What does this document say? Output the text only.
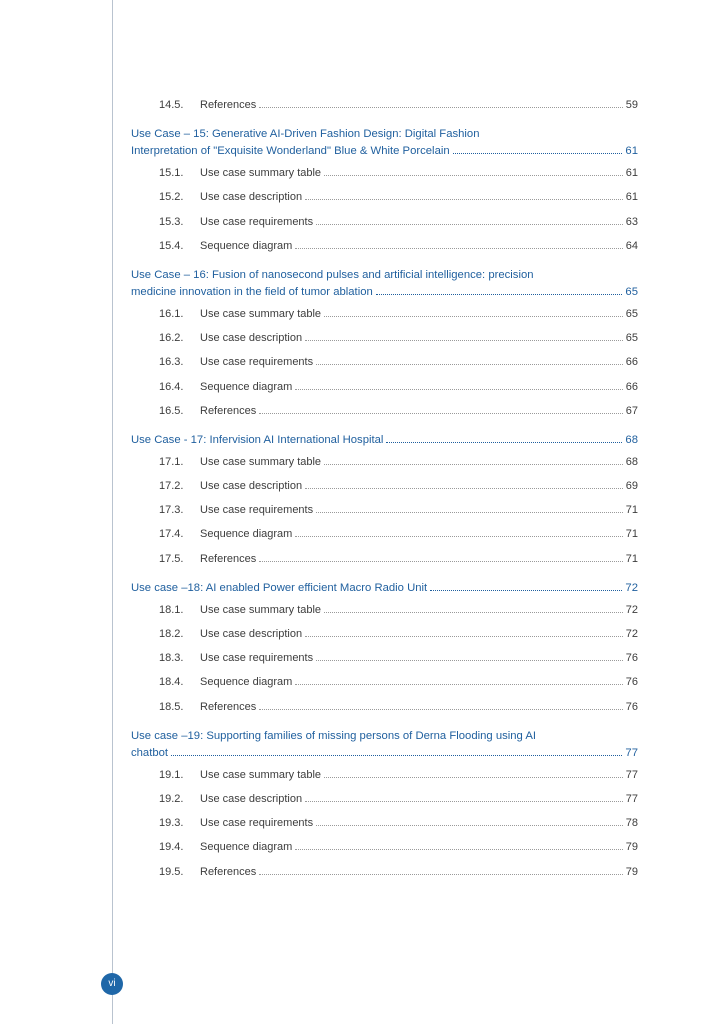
14.5.	References	59
Use Case – 15: Generative AI-Driven Fashion Design: Digital Fashion
Interpretation of "Exquisite Wonderland" Blue & White Porcelain	61
15.1.	Use case summary table	61
15.2.	Use case description	61
15.3.	Use case requirements	63
15.4.	Sequence diagram	64
Use Case – 16: Fusion of nanosecond pulses and artificial intelligence: precision
medicine innovation in the field of tumor ablation	65
16.1.	Use case summary table	65
16.2.	Use case description	65
16.3.	Use case requirements	66
16.4.	Sequence diagram	66
16.5.	References	67
Use Case - 17: Infervision AI International Hospital	68
17.1.	Use case summary table	68
17.2.	Use case description	69
17.3.	Use case requirements	71
17.4.	Sequence diagram	71
17.5.	References	71
Use case –18: AI enabled Power efficient Macro Radio Unit	72
18.1.	Use case summary table	72
18.2.	Use case description	72
18.3.	Use case requirements	76
18.4.	Sequence diagram	76
18.5.	References	76
Use case –19: Supporting families of missing persons of Derna Flooding using AI
chatbot	77
19.1.	Use case summary table	77
19.2.	Use case description	77
19.3.	Use case requirements	78
19.4.	Sequence diagram	79
19.5.	References	79
vi
